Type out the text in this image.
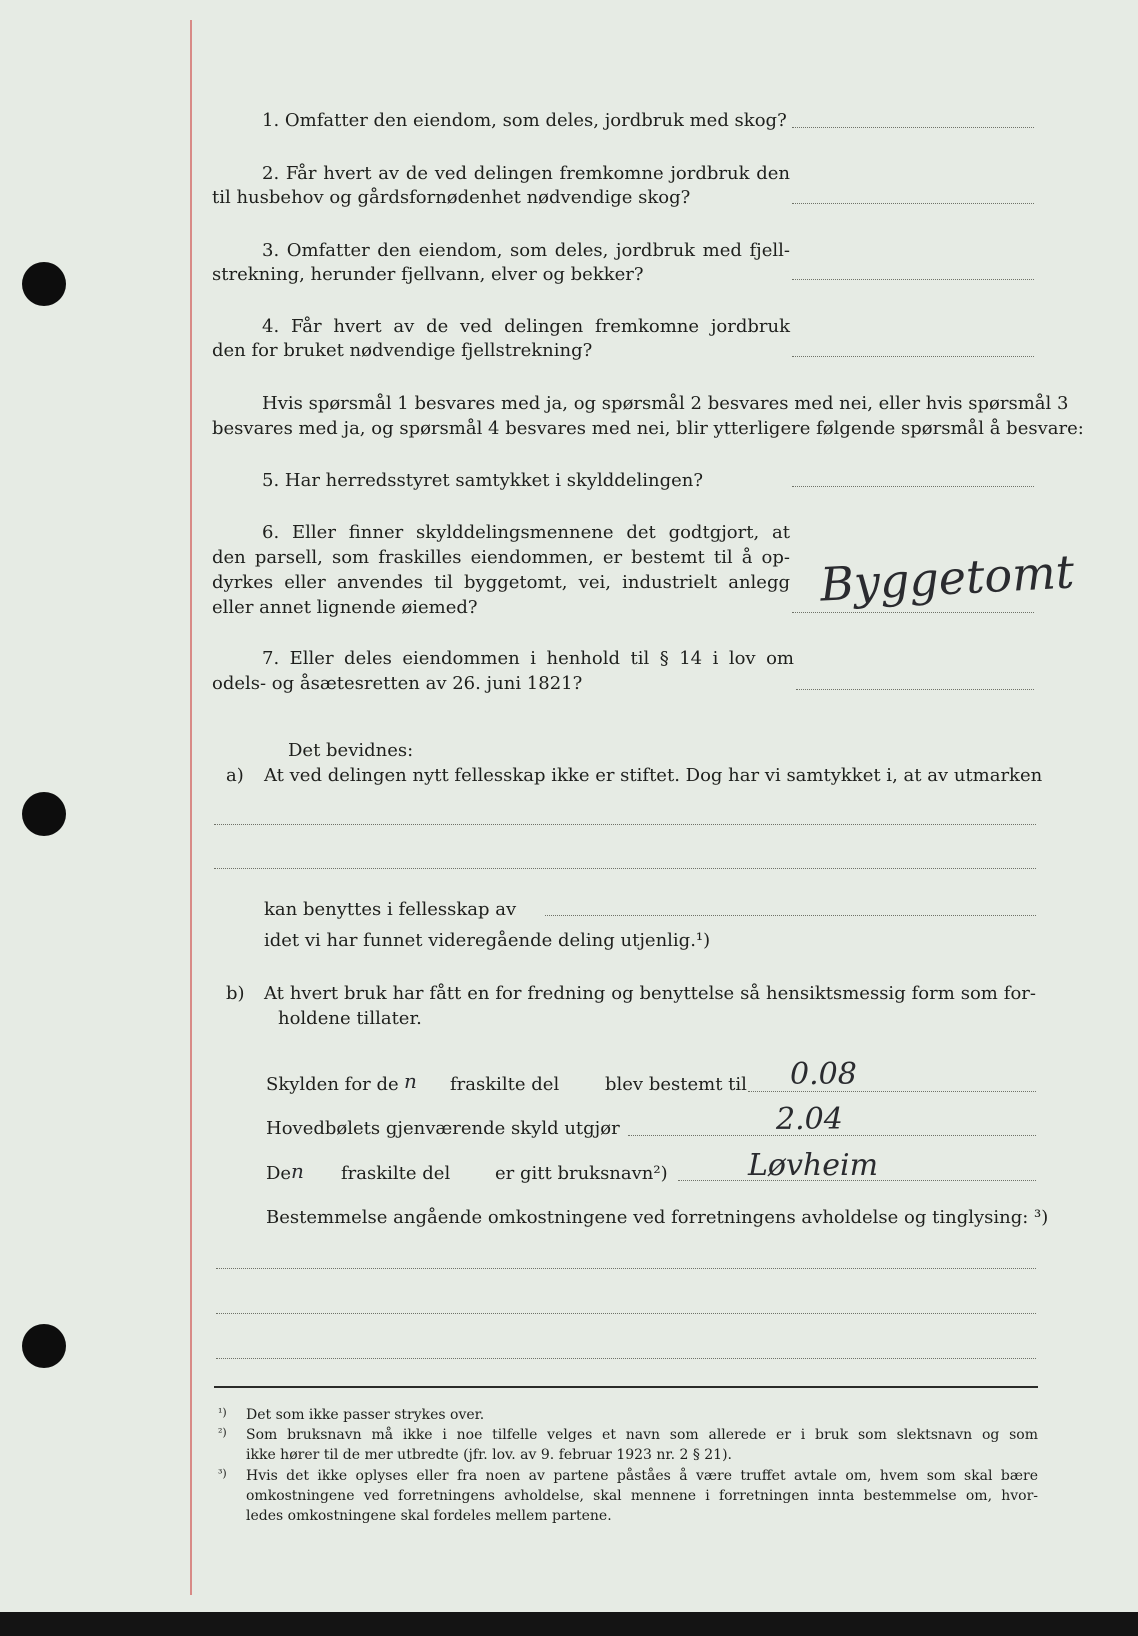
1. Omfatter den eiendom, som deles, jordbruk med skog?
2. Får hvert av de ved delingen fremkomne jordbruk den
til husbehov og gårdsfornødenhet nødvendige skog?
3. Omfatter den eiendom, som deles, jordbruk med fjell-
strekning, herunder fjellvann, elver og bekker?
4. Får hvert av de ved delingen fremkomne jordbruk
den for bruket nødvendige fjellstrekning?
Hvis spørsmål 1 besvares med ja, og spørsmål 2 besvares med nei, eller hvis spørsmål 3
besvares med ja, og spørsmål 4 besvares med nei, blir ytterligere følgende spørsmål å besvare:
5. Har herredsstyret samtykket i skylddelingen?
6. Eller finner skylddelingsmennene det godtgjort, at
den parsell, som fraskilles eiendommen, er bestemt til å op-
dyrkes eller anvendes til byggetomt, vei, industrielt anlegg
eller annet lignende øiemed?	Byggetomt
7. Eller deles eiendommen i henhold til § 14 i lov om
odels- og åsætesretten av 26. juni 1821?
Det bevidnes:
a) At ved delingen nytt fellesskap ikke er stiftet. Dog har vi samtykket i, at av utmarken
kan benyttes i fellesskap av
idet vi har funnet videregående deling utjenlig.¹)
b) At hvert bruk har fått en for fredning og benyttelse så hensiktsmessig form som for-
holdene tillater.
Skylden for de n fraskilte del	blev bestemt til 0.08
Hovedbølets gjenværende skyld utgjør	2.04
De n fraskilte del er gitt bruksnavn²)	Løvheim
Bestemmelse angående omkostningene ved forretningens avholdelse og tinglysing: ³)
¹) Det som ikke passer strykes over.
²) Som bruksnavn må ikke i noe tilfelle velges et navn som allerede er i bruk som slektsnavn og som
ikke hører til de mer utbredte (jfr. lov. av 9. februar 1923 nr. 2 § 21).
³) Hvis det ikke oplyses eller fra noen av partene påståes å være truffet avtale om, hvem som skal bære
omkostningene ved forretningens avholdelse, skal mennene i forretningen innta bestemmelse om, hvor-
ledes omkostningene skal fordeles mellem partene.
